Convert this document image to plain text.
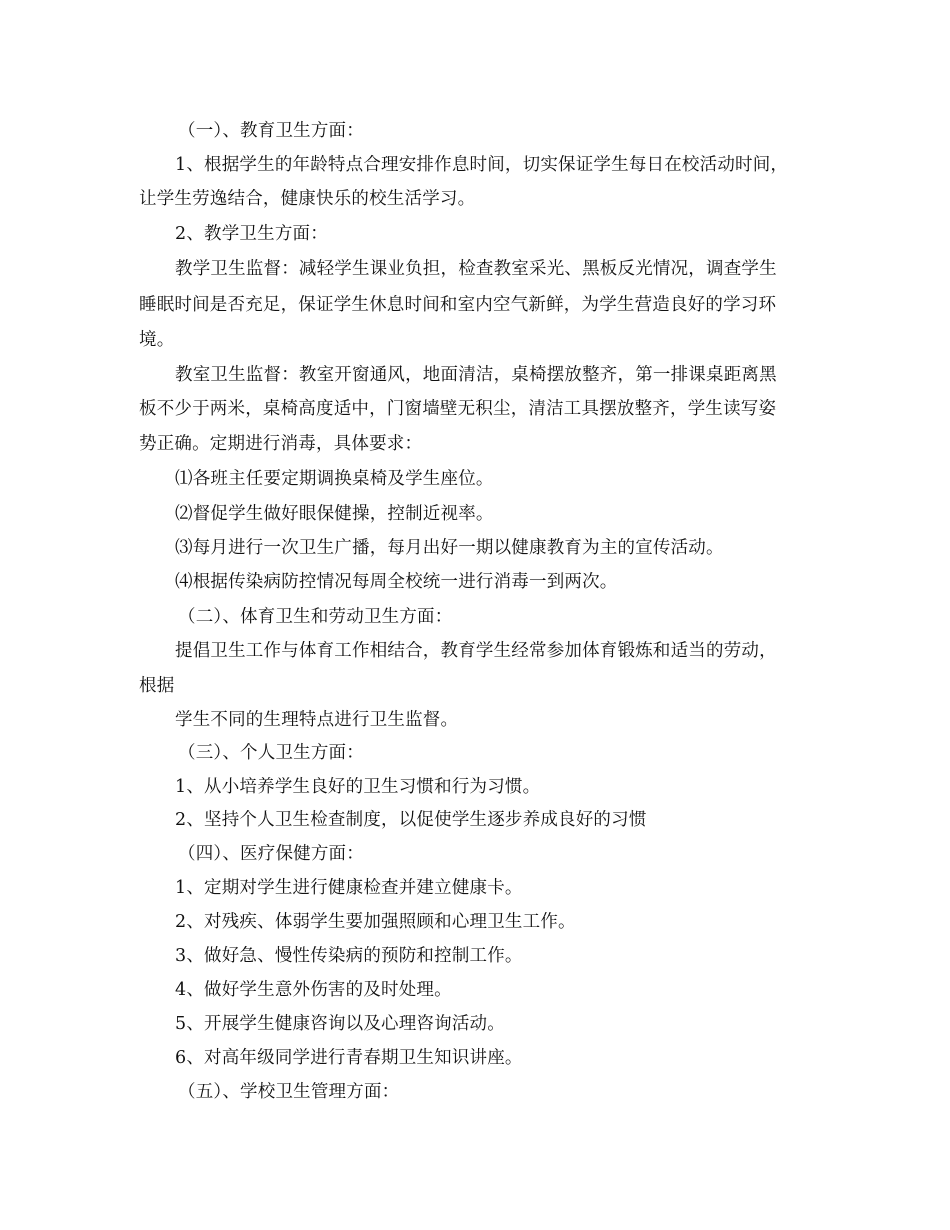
（一）、教育卫生方面：
1、根据学生的年龄特点合理安排作息时间，切实保证学生每日在校活动时间，
让学生劳逸结合，健康快乐的校生活学习。
2、教学卫生方面：
教学卫生监督：减轻学生课业负担，检查教室采光、黑板反光情况，调查学生
睡眠时间是否充足，保证学生休息时间和室内空气新鲜，为学生营造良好的学习环
境。
教室卫生监督：教室开窗通风，地面清洁，桌椅摆放整齐，第一排课桌距离黑
板不少于两米，桌椅高度适中，门窗墙壁无积尘，清洁工具摆放整齐，学生读写姿
势正确。定期进行消毒，具体要求：
⑴各班主任要定期调换桌椅及学生座位。
⑵督促学生做好眼保健操，控制近视率。
⑶每月进行一次卫生广播，每月出好一期以健康教育为主的宣传活动。
⑷根据传染病防控情况每周全校统一进行消毒一到两次。
（二）、体育卫生和劳动卫生方面：
提倡卫生工作与体育工作相结合，教育学生经常参加体育锻炼和适当的劳动，
根据
学生不同的生理特点进行卫生监督。
（三）、个人卫生方面：
1、从小培养学生良好的卫生习惯和行为习惯。
2、坚持个人卫生检查制度，以促使学生逐步养成良好的习惯
（四）、医疗保健方面：
1、定期对学生进行健康检查并建立健康卡。
2、对残疾、体弱学生要加强照顾和心理卫生工作。
3、做好急、慢性传染病的预防和控制工作。
4、做好学生意外伤害的及时处理。
5、开展学生健康咨询以及心理咨询活动。
6、对高年级同学进行青春期卫生知识讲座。
（五）、学校卫生管理方面：
